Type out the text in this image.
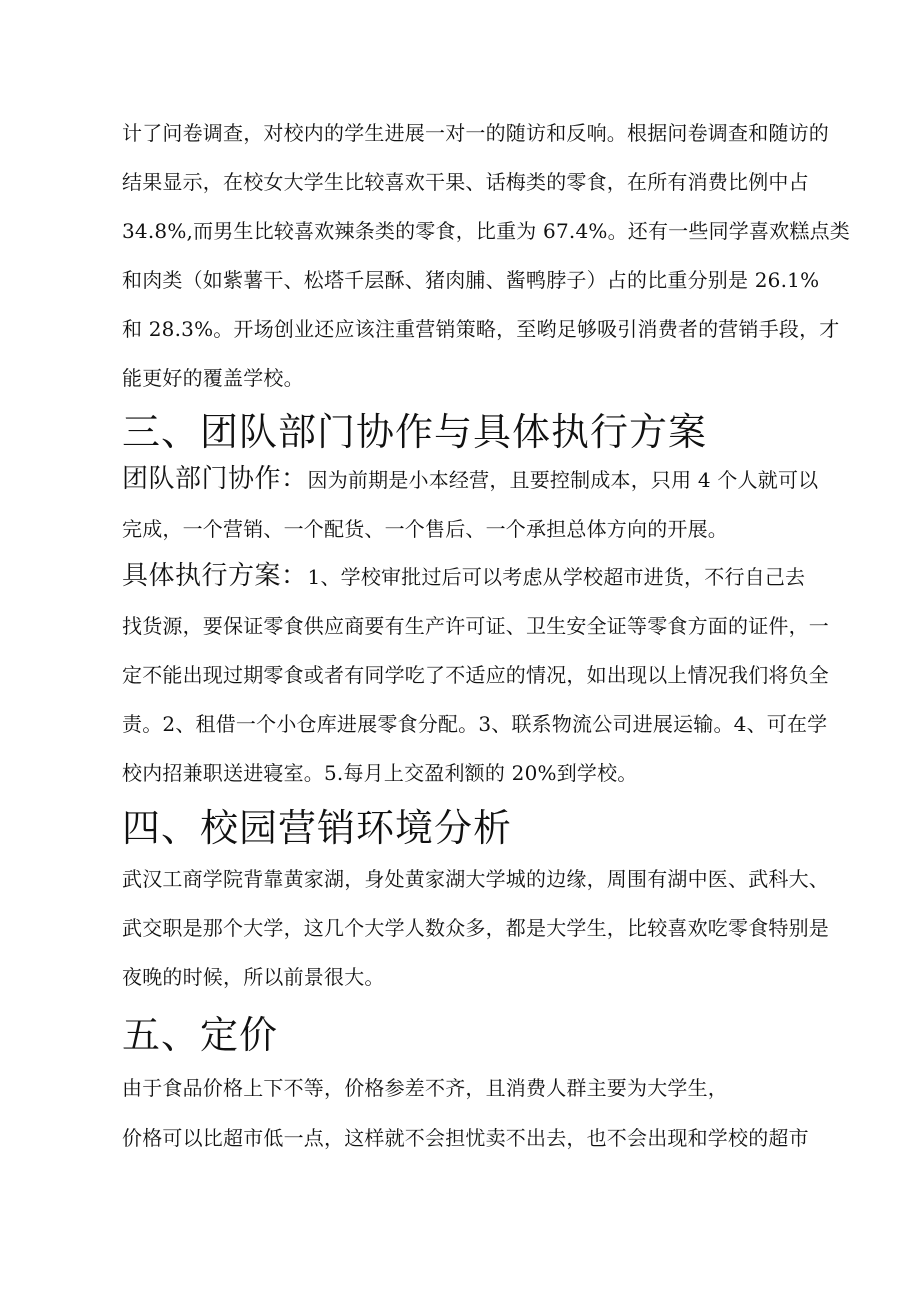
计了问卷调查，对校内的学生进展一对一的随访和反响。根据问卷调查和随访的
结果显示，在校女大学生比较喜欢干果、话梅类的零食，在所有消费比例中占
34.8%,而男生比较喜欢辣条类的零食，比重为 67.4%。还有一些同学喜欢糕点类
和肉类（如紫薯干、松塔千层酥、猪肉脯、酱鸭脖子）占的比重分别是 26.1%
和 28.3%。开场创业还应该注重营销策略，至哟足够吸引消费者的营销手段，才
能更好的覆盖学校。
三、团队部门协作与具体执行方案
团队部门协作：因为前期是小本经营，且要控制成本，只用 4 个人就可以
完成，一个营销、一个配货、一个售后、一个承担总体方向的开展。
具体执行方案：1、学校审批过后可以考虑从学校超市进货，不行自己去
找货源，要保证零食供应商要有生产许可证、卫生安全证等零食方面的证件，一
定不能出现过期零食或者有同学吃了不适应的情况，如出现以上情况我们将负全
责。2、租借一个小仓库进展零食分配。3、联系物流公司进展运输。4、可在学
校内招兼职送进寝室。5.每月上交盈利额的 20%到学校。
四、校园营销环境分析
武汉工商学院背靠黄家湖，身处黄家湖大学城的边缘，周围有湖中医、武科大、
武交职是那个大学，这几个大学人数众多，都是大学生，比较喜欢吃零食特别是
夜晚的时候，所以前景很大。
五、定价
由于食品价格上下不等，价格参差不齐，且消费人群主要为大学生，
价格可以比超市低一点，这样就不会担忧卖不出去，也不会出现和学校的超市
